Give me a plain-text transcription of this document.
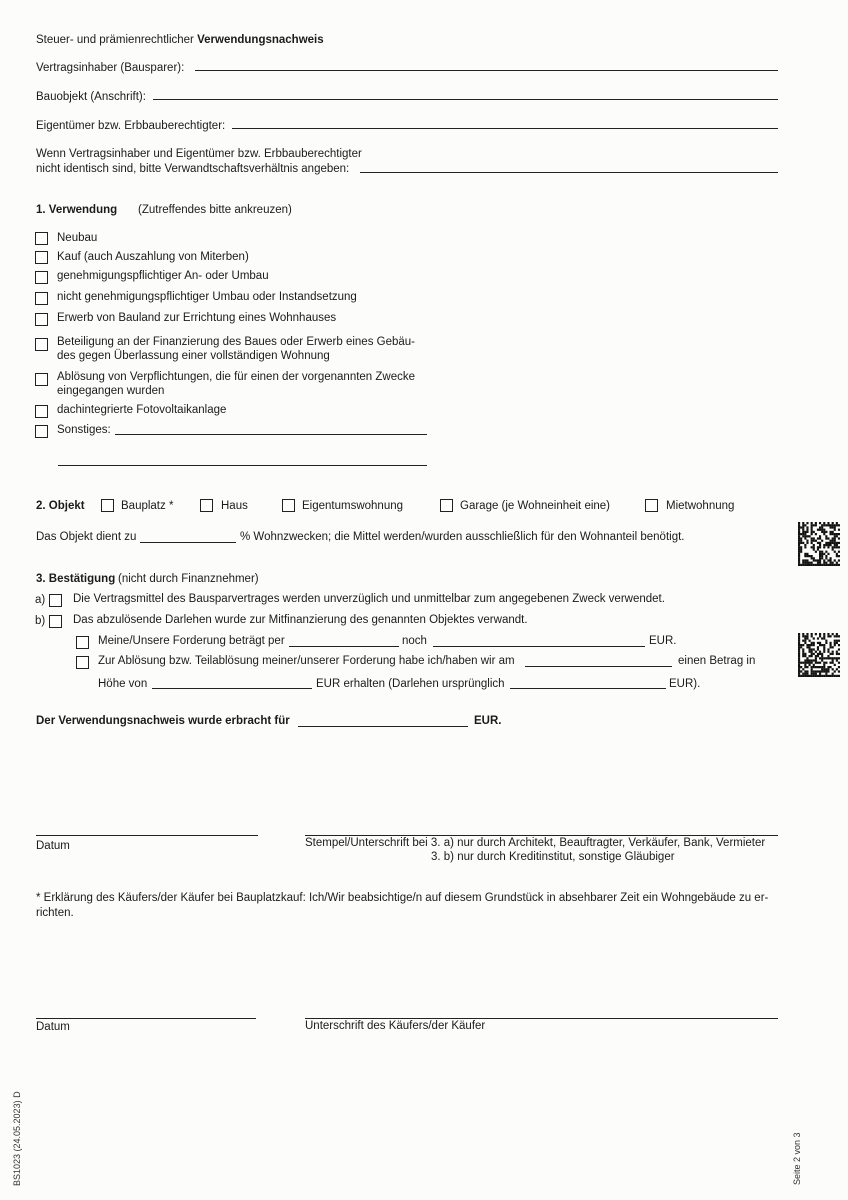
Steuer- und prämienrechtlicher Verwendungsnachweis
Vertragsinhaber (Bausparer):
Bauobjekt (Anschrift):
Eigentümer bzw. Erbbauberechtigter:
Wenn Vertragsinhaber und Eigentümer bzw. Erbbauberechtigter
nicht identisch sind, bitte Verwandtschaftsverhältnis angeben:
1. Verwendung (Zutreffendes bitte ankreuzen)
Neubau
Kauf (auch Auszahlung von Miterben)
genehmigungspflichtiger An- oder Umbau
nicht genehmigungspflichtiger Umbau oder Instandsetzung
Erwerb von Bauland zur Errichtung eines Wohnhauses
Beteiligung an der Finanzierung des Baues oder Erwerb eines Gebäu-
des gegen Überlassung einer vollständigen Wohnung
Ablösung von Verpflichtungen, die für einen der vorgenannten Zwecke
eingegangen wurden
dachintegrierte Fotovoltaikanlage
Sonstiges:
2. Objekt	Bauplatz *	Haus	Eigentumswohnung	Garage (je Wohneinheit eine)	Mietwohnung
Das Objekt dient zu	% Wohnzwecken; die Mittel werden/wurden ausschließlich für den Wohnanteil benötigt.
3. Bestätigung (nicht durch Finanznehmer)
a) Die Vertragsmittel des Bausparvertrages werden unverzüglich und unmittelbar zum angegebenen Zweck verwendet.
b) Das abzulösende Darlehen wurde zur Mitfinanzierung des genannten Objektes verwandt.
Meine/Unsere Forderung beträgt per	noch	EUR.
Zur Ablösung bzw. Teilablösung meiner/unserer Forderung habe ich/haben wir am	einen Betrag in
Höhe von	EUR erhalten (Darlehen ursprünglich	EUR).
Der Verwendungsnachweis wurde erbracht für	EUR.
Datum	Stempel/Unterschrift bei 3. a) nur durch Architekt, Beauftragter, Verkäufer, Bank, Vermieter
3. b) nur durch Kreditinstitut, sonstige Gläubiger
* Erklärung des Käufers/der Käufer bei Bauplatzkauf: Ich/Wir beabsichtige/n auf diesem Grundstück in absehbarer Zeit ein Wohngebäude zu er-
richten.
Datum	Unterschrift des Käufers/der Käufer
BS1023 (24.05.2023) D	Seite 2 von 3
